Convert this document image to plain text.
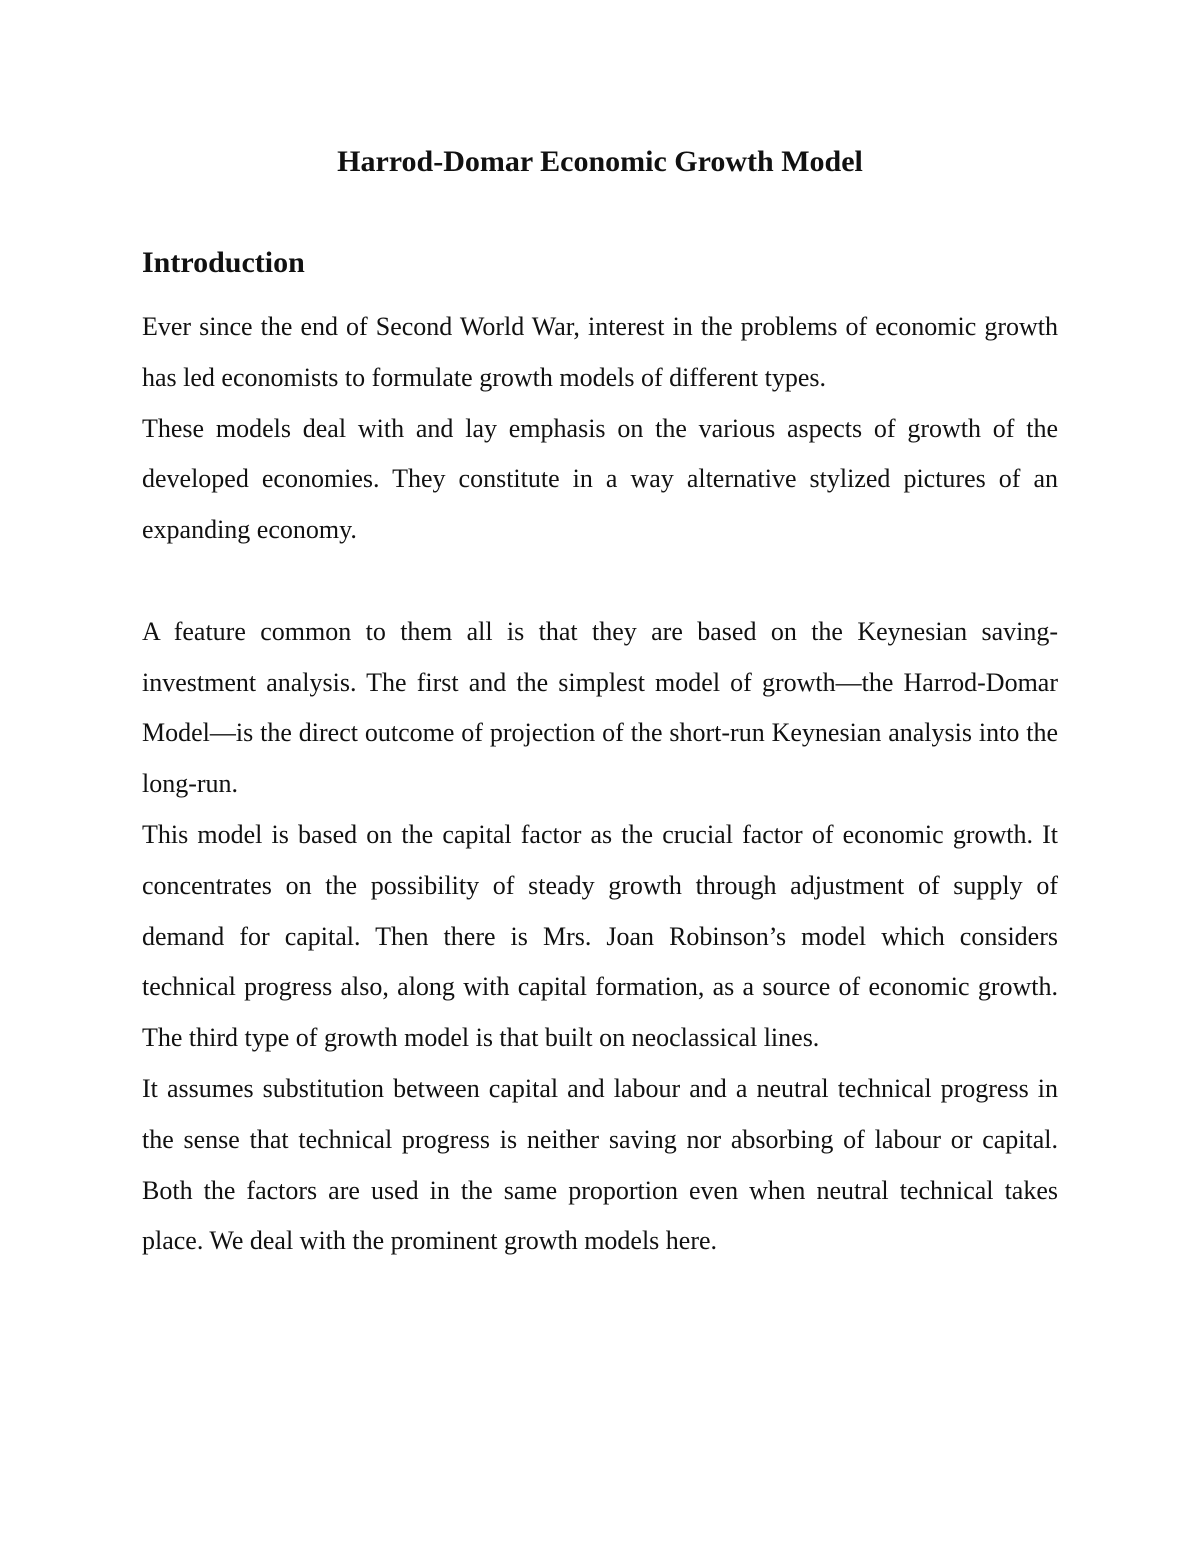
Harrod-Domar Economic Growth Model
Introduction

Ever since the end of Second World War, interest in the problems of economic growth has led economists to formulate growth models of different types.

These models deal with and lay emphasis on the various aspects of growth of the developed economies. They constitute in a way alternative stylized pictures of an expanding economy.

A feature common to them all is that they are based on the Keynesian saving-investment analysis. The first and the simplest model of growth—the Harrod-Domar Model—is the direct outcome of projection of the short-run Keynesian analysis into the long-run.

This model is based on the capital factor as the crucial factor of economic growth. It concentrates on the possibility of steady growth through adjustment of supply of demand for capital. Then there is Mrs. Joan Robinson’s model which considers technical progress also, along with capital formation, as a source of economic growth. The third type of growth model is that built on neoclassical lines.

It assumes substitution between capital and labour and a neutral technical progress in the sense that technical progress is neither saving nor absorbing of labour or capital. Both the factors are used in the same proportion even when neutral technical takes place. We deal with the prominent growth models here.
